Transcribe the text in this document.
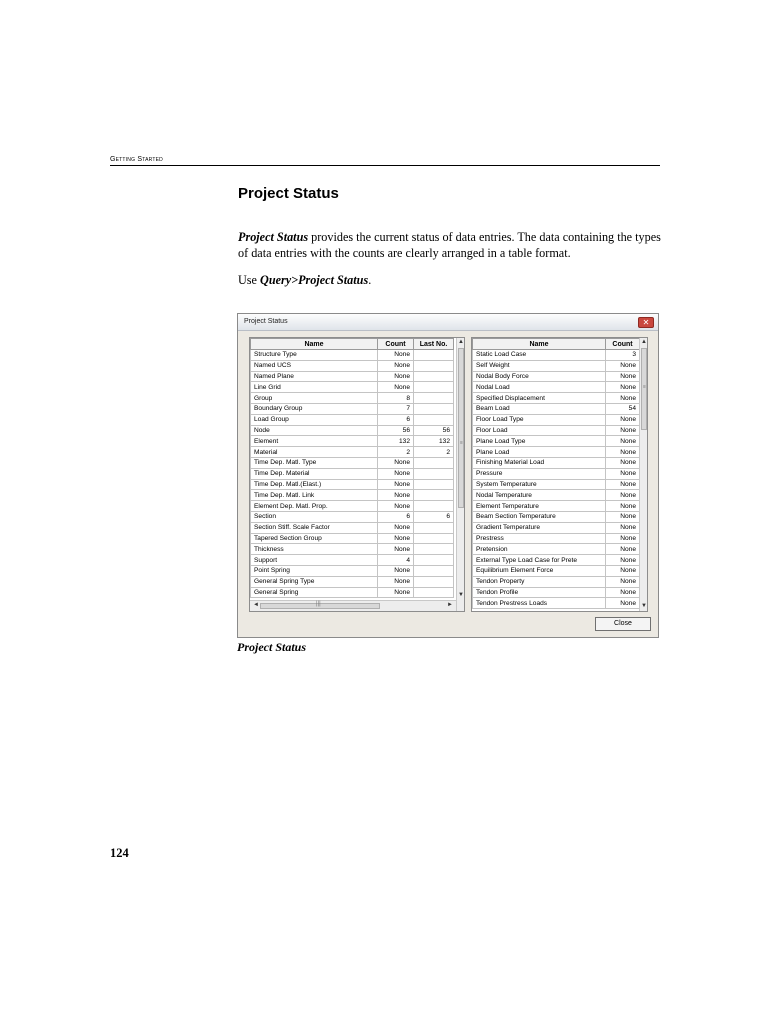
Getting Started
Project Status

Project Status provides the current status of data entries. The data containing the types of data entries with the counts are clearly arranged in a table format.

Use Query>Project Status.

Project Status	✕
Name	Count	Last No.
Structure Type	None	
Named UCS	None	
Named Plane	None	
Line Grid	None	
Group	8	
Boundary Group	7	
Load Group	6	
Node	56	56
Element	132	132
Material	2	2
Time Dep. Matl. Type	None	
Time Dep. Material	None	
Time Dep. Matl.(Elast.)	None	
Time Dep. Matl. Link	None	
Element Dep. Matl. Prop.	None	
Section	6	6
Section Stiff. Scale Factor	None	
Tapered Section Group	None	
Thickness	None	
Support	4	
Point Spring	None	
General Spring Type	None	
General Spring	None	
▲
≡
▼
◄	|||	►
Name	Count
Static Load Case	3
Self Weight	None
Nodal Body Force	None
Nodal Load	None
Specified Displacement	None
Beam Load	54
Floor Load Type	None
Floor Load	None
Plane Load Type	None
Plane Load	None
Finishing Material Load	None
Pressure	None
System Temperature	None
Nodal Temperature	None
Element Temperature	None
Beam Section Temperature	None
Gradient Temperature	None
Prestress	None
Pretension	None
External Type Load Case for Prete	None
Equilibrium Element Force	None
Tendon Property	None
Tendon Profile	None
Tendon Prestress Loads	None
▲
≡
▼
Close
Project Status
124
